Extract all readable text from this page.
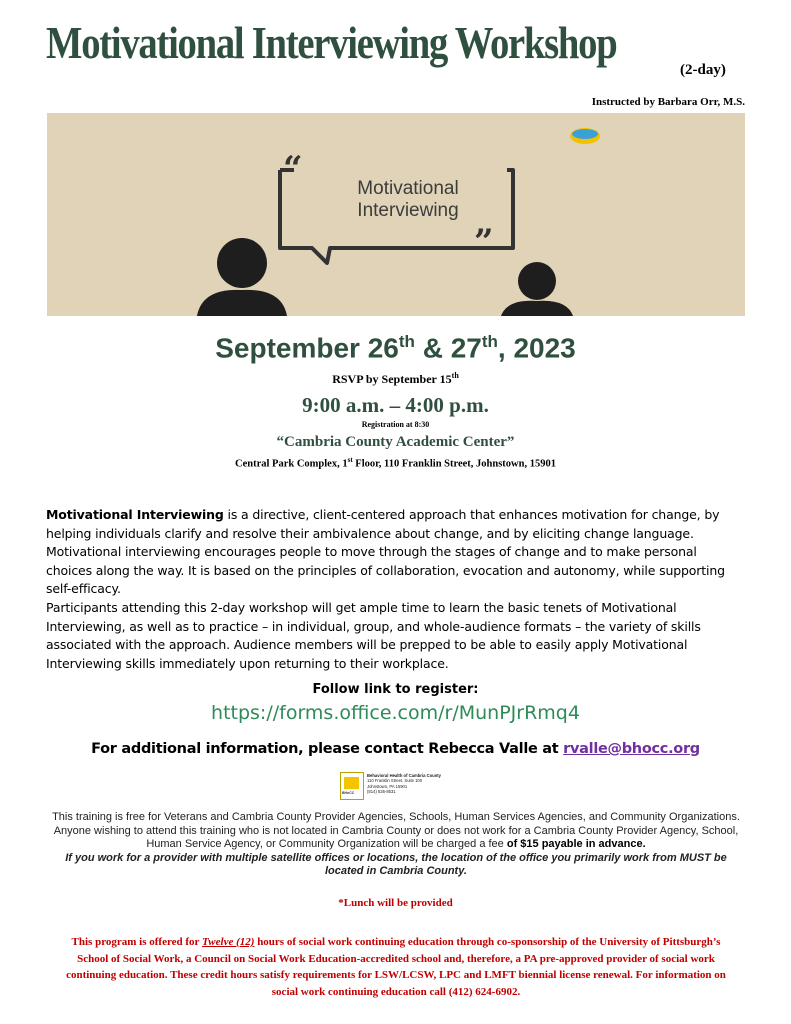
Motivational Interviewing Workshop
(2-day)
Instructed by Barbara Orr, M.S.
“
”
Motivational
Interviewing
September 26th & 27th, 2023
RSVP by September 15th
9:00 a.m. – 4:00 p.m.
Registration at 8:30
“Cambria County Academic Center”
Central Park Complex, 1st Floor, 110 Franklin Street, Johnstown, 15901

Motivational Interviewing is a directive, client-centered approach that enhances motivation for change, by helping individuals clarify and resolve their ambivalence about change, and by eliciting change language. Motivational interviewing encourages people to move through the stages of change and to make personal choices along the way. It is based on the principles of collaboration, evocation and autonomy, while supporting self-efficacy.

Participants attending this 2-day workshop will get ample time to learn the basic tenets of Motivational Interviewing, as well as to practice – in individual, group, and whole-audience formats – the variety of skills associated with the approach. Audience members will be prepped to be able to easily apply Motivational Interviewing skills immediately upon returning to their workplace.

Follow link to register:
https://forms.office.com/r/MunPJrRmq4
For additional information, please contact Rebecca Valle at rvalle@bhocc.org
BHoCC
Behavioral Health of Cambria County
110 Franklin Street, Suite 100
Johnstown, PA 15901
(814) 535-8531

This training is free for Veterans and Cambria County Provider Agencies, Schools, Human Services Agencies, and Community Organizations. Anyone wishing to attend this training who is not located in Cambria County or does not work for a Cambria County Provider Agency, School, Human Service Agency, or Community Organization will be charged a fee of $15 payable in advance.

If you work for a provider with multiple satellite offices or locations, the location of the office you primarily work from MUST be located in Cambria County.

*Lunch will be provided

This program is offered for Twelve (12) hours of social work continuing education through co-sponsorship of the University of Pittsburgh’s School of Social Work, a Council on Social Work Education-accredited school and, therefore, a PA pre-approved provider of social work continuing education. These credit hours satisfy requirements for LSW/LCSW, LPC and LMFT biennial license renewal. For information on social work continuing education call (412) 624-6902.
